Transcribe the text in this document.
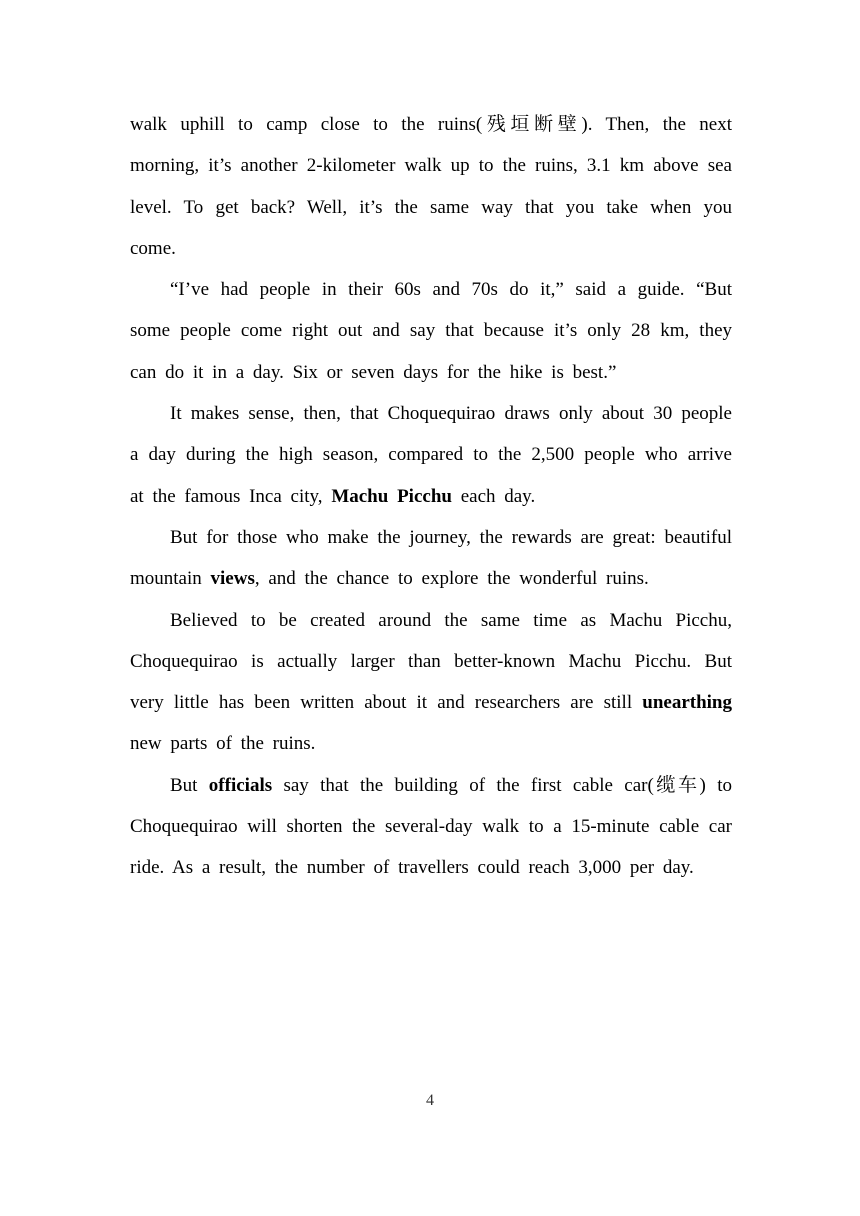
walk uphill to camp close to the ruins(残垣断壁). Then, the next morning, it’s another 2-kilometer walk up to the ruins, 3.1 km above sea level. To get back? Well, it’s the same way that you take when you come.

“I’ve had people in their 60s and 70s do it,” said a guide. “But some people come right out and say that because it’s only 28 km, they can do it in a day. Six or seven days for the hike is best.”

It makes sense, then, that Choquequirao draws only about 30 people a day during the high season, compared to the 2,500 people who arrive at the famous Inca city, Machu Picchu each day.

But for those who make the journey, the rewards are great: beautiful mountain views, and the chance to explore the wonderful ruins.

Believed to be created around the same time as Machu Picchu, Choquequirao is actually larger than better-known Machu Picchu. But very little has been written about it and researchers are still unearthing new parts of the ruins.

But officials say that the building of the first cable car(缆车) to Choquequirao will shorten the several-day walk to a 15-minute cable car ride. As a result, the number of travellers could reach 3,000 per day.

4
